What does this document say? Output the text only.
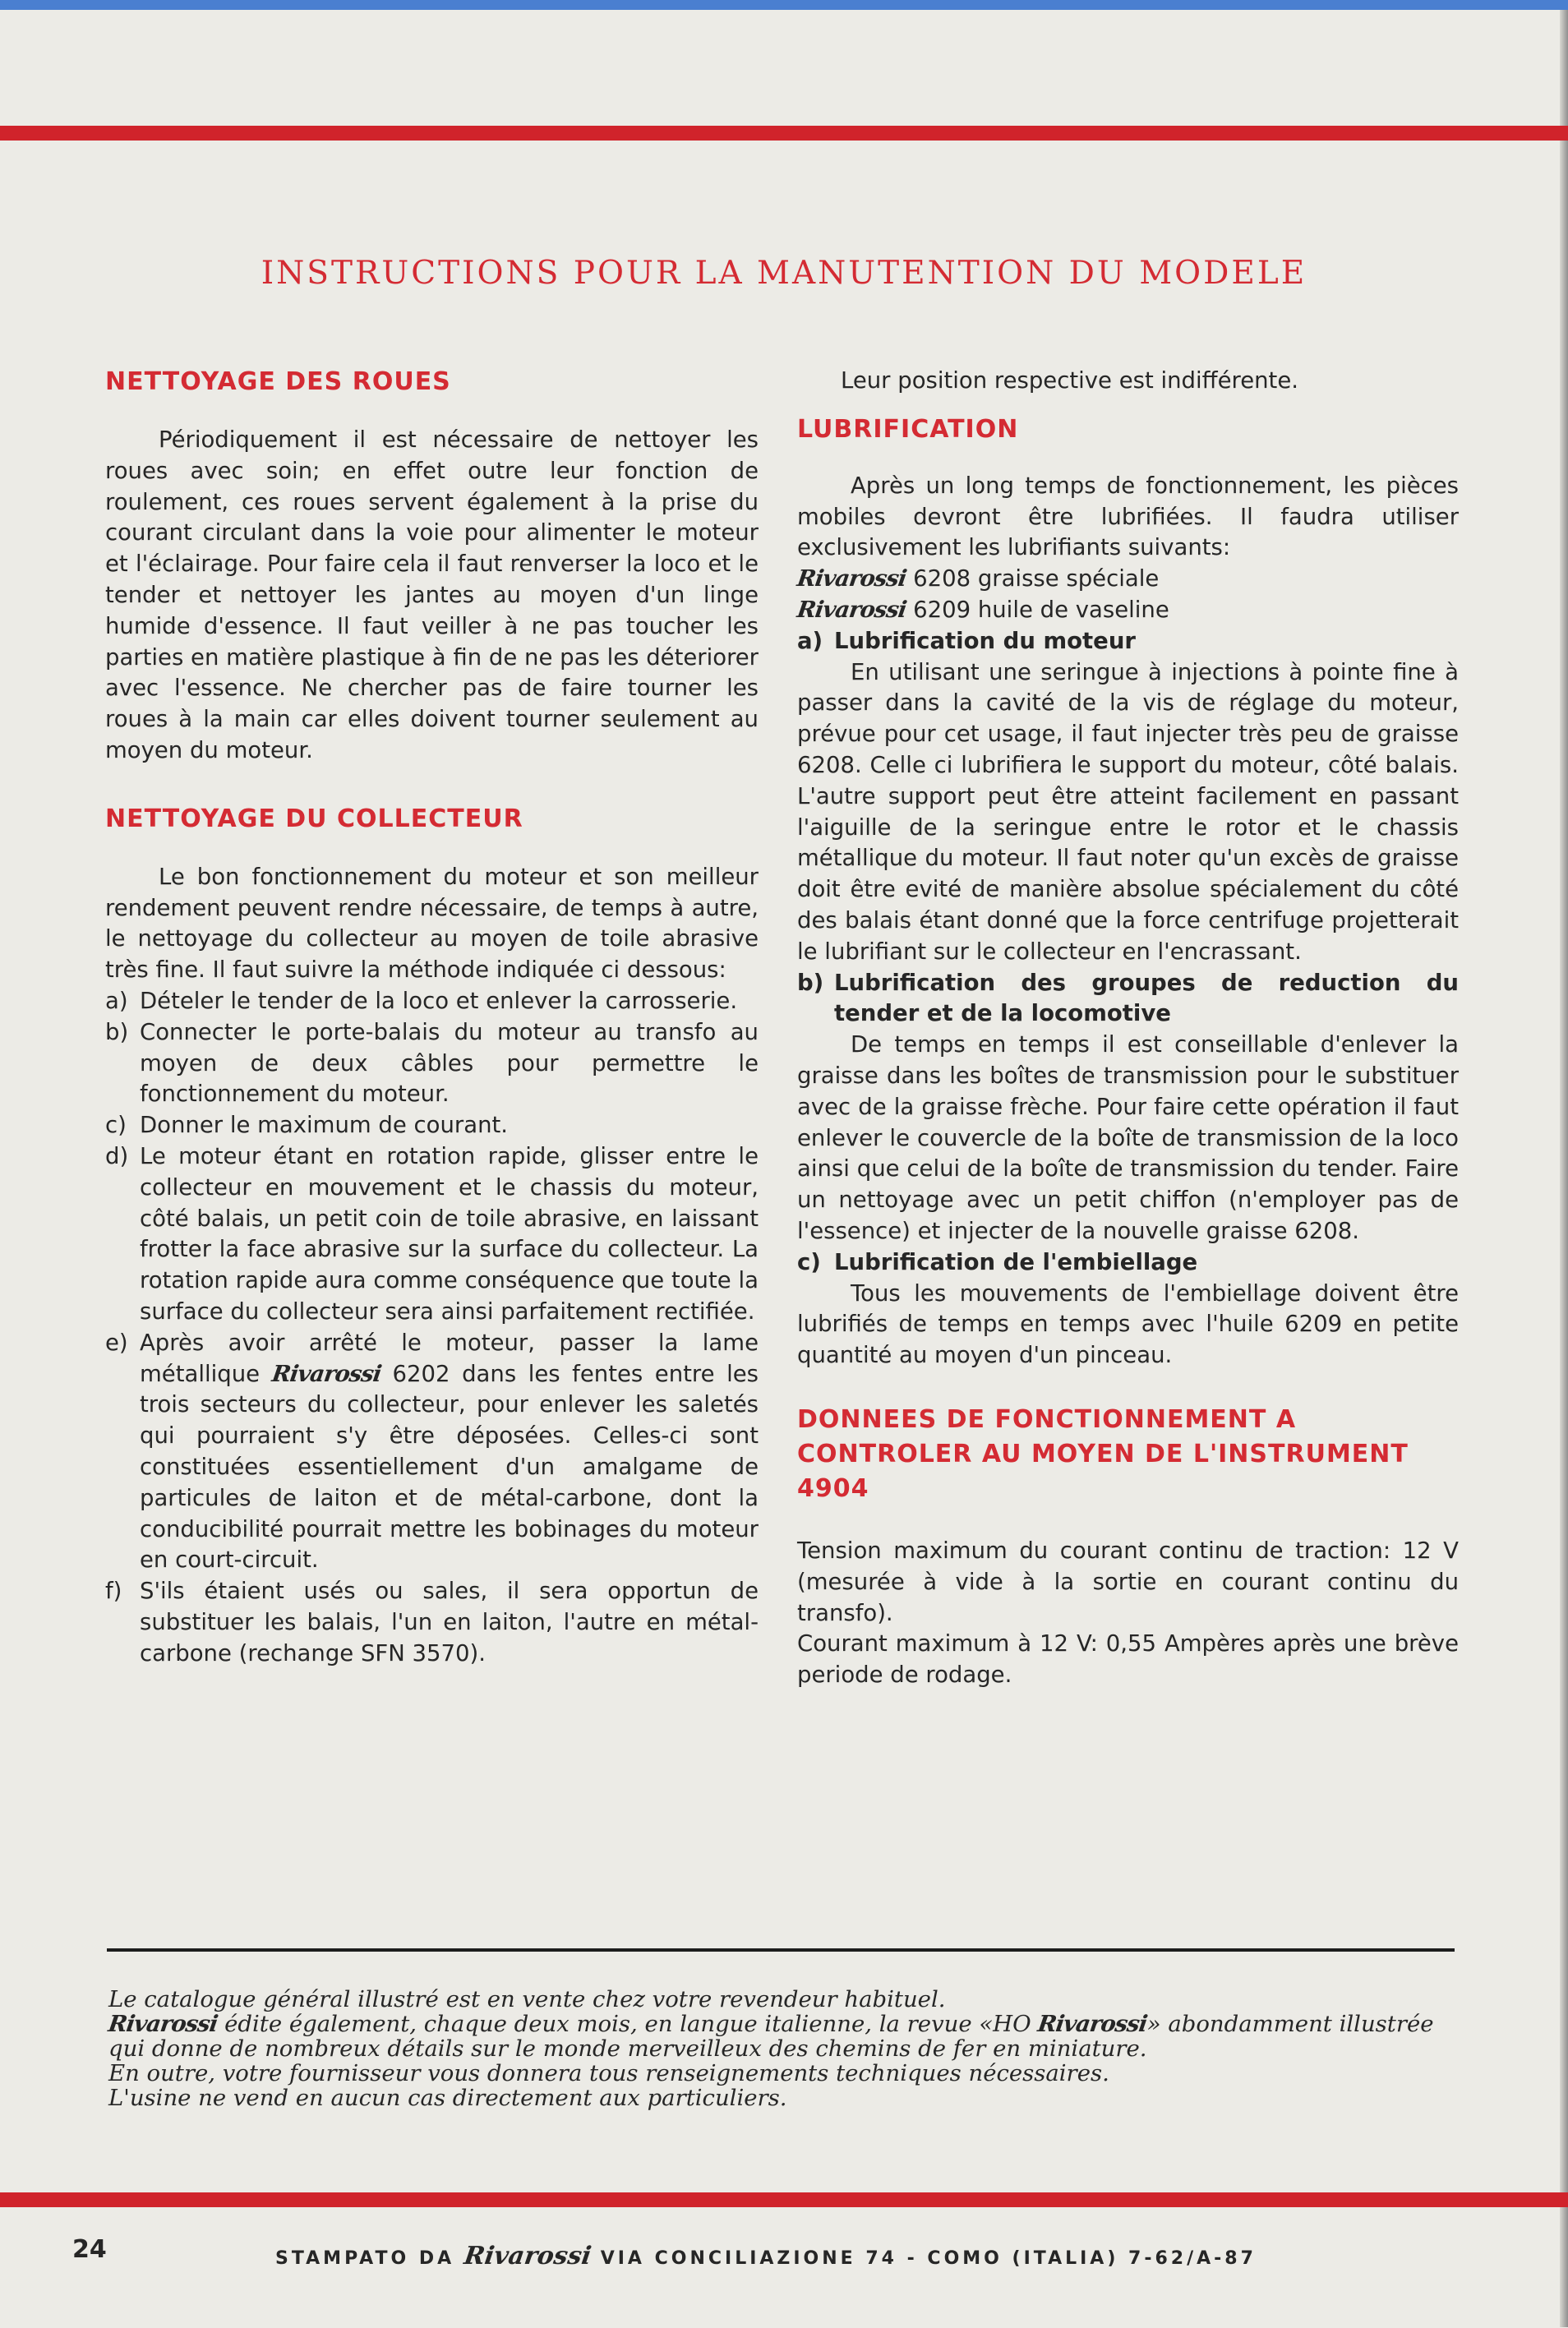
INSTRUCTIONS POUR LA MANUTENTION DU MODELE
NETTOYAGE DES ROUES

Périodiquement il est nécessaire de nettoyer les roues avec soin; en effet outre leur fonction de roulement, ces roues servent également à la prise du courant circulant dans la voie pour alimenter le moteur et l'éclairage. Pour faire cela il faut renverser la loco et le tender et nettoyer les jantes au moyen d'un linge humide d'essence. Il faut veiller à ne pas toucher les parties en matière plastique à fin de ne pas les déteriorer avec l'essence. Ne chercher pas de faire tourner les roues à la main car elles doivent tourner seulement au moyen du moteur.

NETTOYAGE DU COLLECTEUR

Le bon fonctionnement du moteur et son meilleur rendement peuvent rendre nécessaire, de temps à autre, le nettoyage du collecteur au moyen de toile abrasive très fine. Il faut suivre la méthode indiquée ci dessous:

a) Dételer le tender de la loco et enlever la carrosserie.
b) Connecter le porte-balais du moteur au transfo au moyen de deux câbles pour permettre le fonctionnement du moteur.
c) Donner le maximum de courant.
d) Le moteur étant en rotation rapide, glisser entre le collecteur en mouvement et le chassis du moteur, côté balais, un petit coin de toile abrasive, en laissant frotter la face abrasive sur la surface du collecteur. La rotation rapide aura comme conséquence que toute la surface du collecteur sera ainsi parfaitement rectifiée.
e) Après avoir arrêté le moteur, passer la lame métallique Rivarossi 6202 dans les fentes entre les trois secteurs du collecteur, pour enlever les saletés qui pourraient s'y être déposées. Celles-ci sont constituées essentiellement d'un amalgame de particules de laiton et de métal-carbone, dont la conducibilité pourrait mettre les bobinages du moteur en court-circuit.
f) S'ils étaient usés ou sales, il sera opportun de substituer les balais, l'un en laiton, l'autre en métal-carbone (rechange SFN 3570).

Leur position respective est indifférente.

LUBRIFICATION

Après un long temps de fonctionnement, les pièces mobiles devront être lubrifiées. Il faudra utiliser exclusivement les lubrifiants suivants:

Rivarossi 6208 graisse spéciale

Rivarossi 6209 huile de vaseline

a) Lubrification du moteur

En utilisant une seringue à injections à pointe fine à passer dans la cavité de la vis de réglage du moteur, prévue pour cet usage, il faut injecter très peu de graisse 6208. Celle ci lubrifiera le support du moteur, côté balais. L'autre support peut être atteint facilement en passant l'aiguille de la seringue entre le rotor et le chassis métallique du moteur. Il faut noter qu'un excès de graisse doit être evité de manière absolue spécialement du côté des balais étant donné que la force centrifuge projetterait le lubrifiant sur le collecteur en l'encrassant.

b) Lubrification des groupes de reduction du tender et de la locomotive

De temps en temps il est conseillable d'enlever la graisse dans les boîtes de transmission pour le substituer avec de la graisse frèche. Pour faire cette opération il faut enlever le couvercle de la boîte de transmission de la loco ainsi que celui de la boîte de transmission du tender. Faire un nettoyage avec un petit chiffon (n'employer pas de l'essence) et injecter de la nouvelle graisse 6208.

c) Lubrification de l'embiellage

Tous les mouvements de l'embiellage doivent être lubrifiés de temps en temps avec l'huile 6209 en petite quantité au moyen d'un pinceau.

DONNEES DE FONCTIONNEMENT A CONTROLER AU MOYEN DE L'INSTRUMENT 4904

Tension maximum du courant continu de traction: 12 V (mesurée à vide à la sortie en courant continu du transfo).

Courant maximum à 12 V: 0,55 Ampères après une brève periode de rodage.

Le catalogue général illustré est en vente chez votre revendeur habituel.

Rivarossi édite également, chaque deux mois, en langue italienne, la revue «HO Rivarossi» abondamment illustrée qui donne de nombreux détails sur le monde merveilleux des chemins de fer en miniature.

En outre, votre fournisseur vous donnera tous renseignements techniques nécessaires.

L'usine ne vend en aucun cas directement aux particuliers.

24	STAMPATO DA Rivarossi VIA CONCILIAZIONE 74 - COMO (ITALIA) 7-62/A-87
